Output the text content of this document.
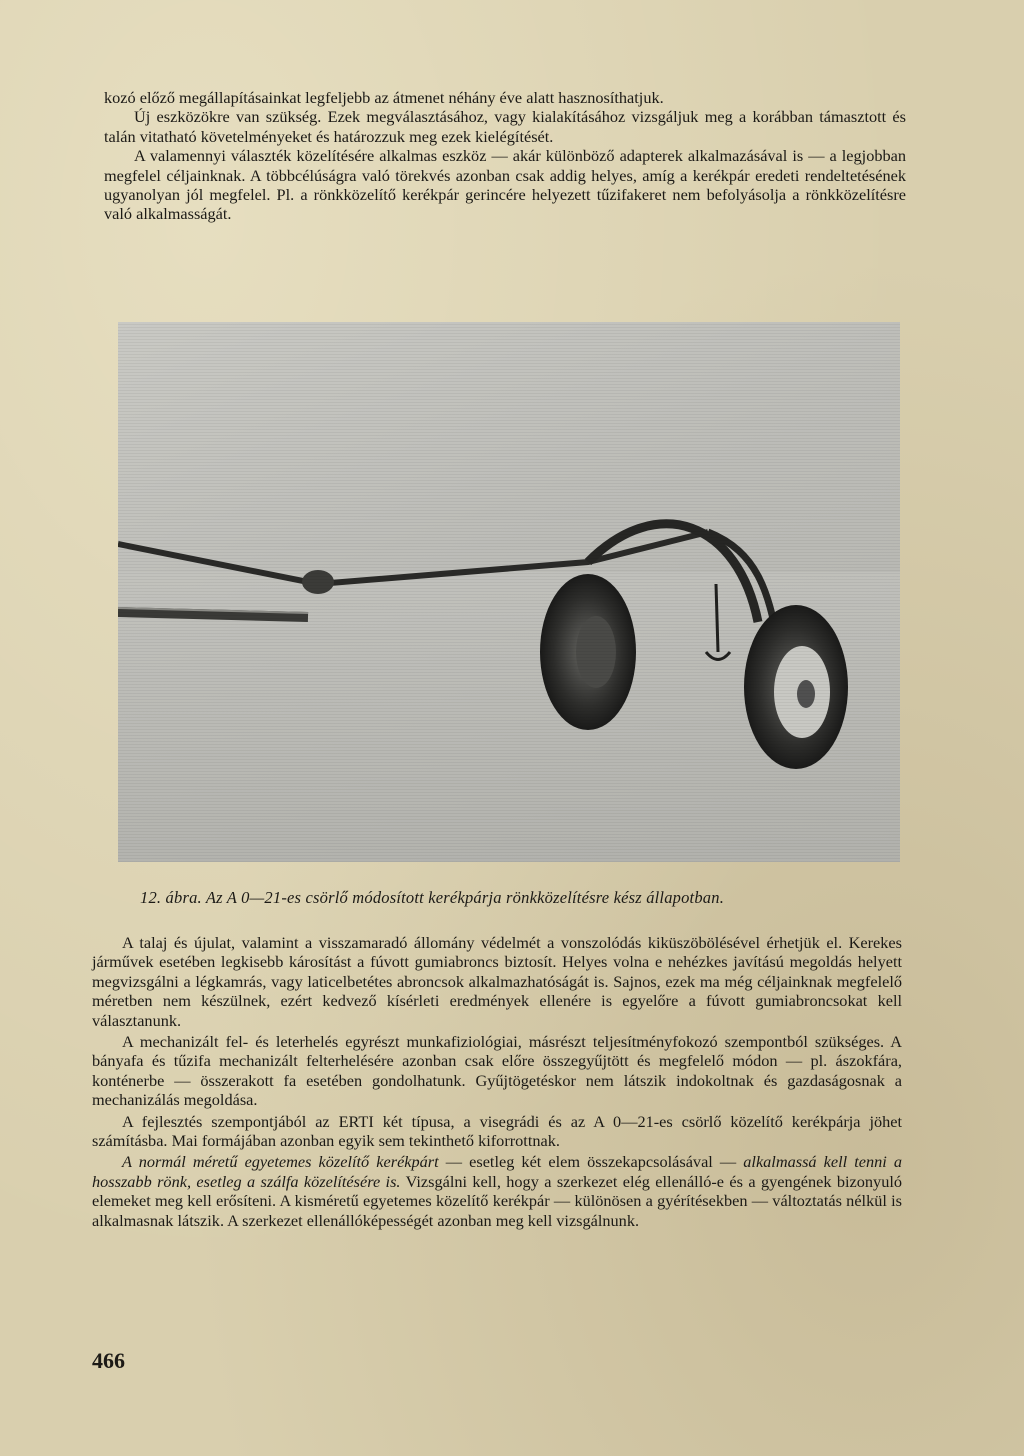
kozó előző megállapításainkat legfeljebb az átmenet néhány éve alatt hasznosíthatjuk.

Új eszközökre van szükség. Ezek megválasztásához, vagy kialakításához vizsgáljuk meg a korábban támasztott és talán vitatható követelményeket és határozzuk meg ezek kielégítését.

A valamennyi választék közelítésére alkalmas eszköz — akár különböző adapterek alkalmazásával is — a legjobban megfelel céljainknak. A többcélúságra való törekvés azonban csak addig helyes, amíg a kerékpár eredeti rendeltetésének ugyanolyan jól megfelel. Pl. a rönkközelítő kerékpár gerincére helyezett tűzifakeret nem befolyásolja a rönkközelítésre való alkalmasságát.

12. ábra. Az A 0—21-es csörlő módosított kerékpárja rönkközelítésre kész állapotban.

A talaj és újulat, valamint a visszamaradó állomány védelmét a vonszolódás kiküszöbölésével érhetjük el. Kerekes járművek esetében legkisebb károsítást a fúvott gumiabroncs biztosít. Helyes volna e nehézkes javítású megoldás helyett megvizsgálni a légkamrás, vagy laticelbetétes abroncsok alkalmazhatóságát is. Sajnos, ezek ma még céljainknak megfelelő méretben nem készülnek, ezért kedvező kísérleti eredmények ellenére is egyelőre a fúvott gumiabroncsokat kell választanunk.

A mechanizált fel- és leterhelés egyrészt munkafiziológiai, másrészt teljesítményfokozó szempontból szükséges. A bányafa és tűzifa mechanizált felterhelésére azonban csak előre összegyűjtött és megfelelő módon — pl. ászokfára, konténerbe — összerakott fa esetében gondolhatunk. Gyűjtögetéskor nem látszik indokoltnak és gazdaságosnak a mechanizálás megoldása.

A fejlesztés szempontjából az ERTI két típusa, a visegrádi és az A 0—21-es csörlő közelítő kerékpárja jöhet számításba. Mai formájában azonban egyik sem tekinthető kiforrottnak.

A normál méretű egyetemes közelítő kerékpárt — esetleg két elem összekapcsolásával — alkalmassá kell tenni a hosszabb rönk, esetleg a szálfa közelítésére is. Vizsgálni kell, hogy a szerkezet elég ellenálló-e és a gyengének bizonyuló elemeket meg kell erősíteni. A kisméretű egyetemes közelítő kerékpár — különösen a gyérítésekben — változtatás nélkül is alkalmasnak látszik. A szerkezet ellenállóképességét azonban meg kell vizsgálnunk.

466
